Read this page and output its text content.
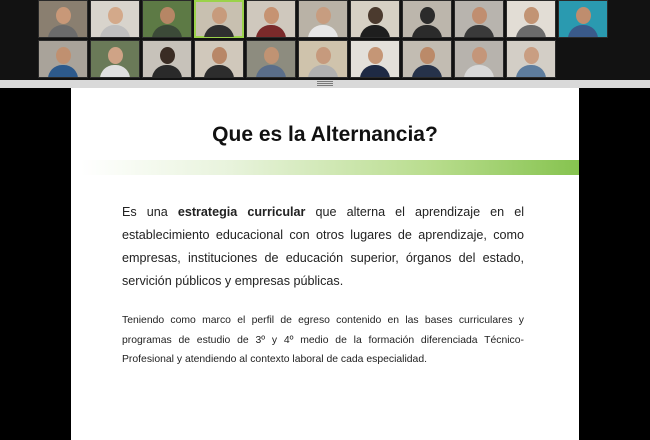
Que es la Alternancia?

Es una estrategia curricular que alterna el aprendizaje en el establecimiento educacional con otros lugares de aprendizaje, como empresas, instituciones de educación superior, órganos del estado, servición públicos y empresas públicas.

Teniendo como marco el perfil de egreso contenido en las bases curriculares y programas de estudio de 3º y 4º medio de la formación diferenciada Técnico-Profesional y atendiendo al contexto laboral de cada especialidad.
